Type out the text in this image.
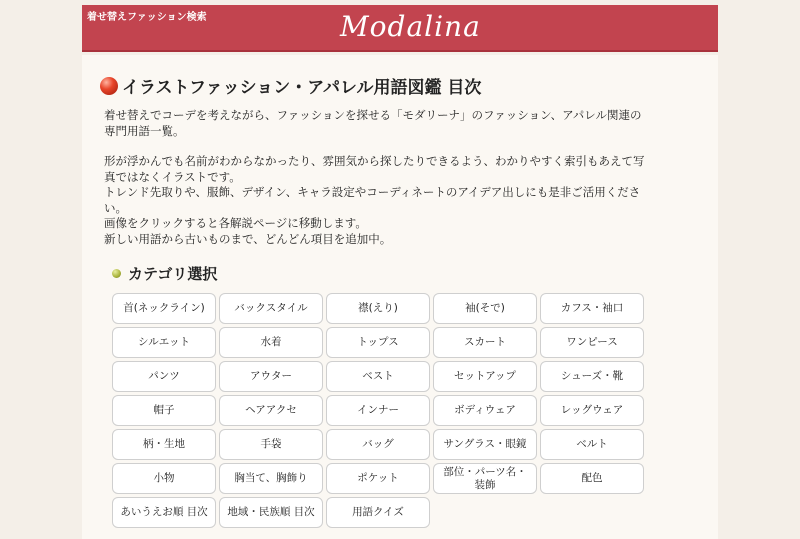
着せ替えファッション検索	Modalina
イラストファッション・アパレル用語図鑑 目次

着せ替えでコーデを考えながら、ファッションを探せる「モダリーナ」のファッション、アパレル関連の

専門用語一覧。

形が浮かんでも名前がわからなかったり、雰囲気から探したりできるよう、わかりやすく索引もあえて写

真ではなくイラストです。

トレンド先取りや、服飾、デザイン、キャラ設定やコーディネートのアイデア出しにも是非ご活用くださ

い。

画像をクリックすると各解説ページに移動します。

新しい用語から古いものまで、どんどん項目を追加中。

カテゴリ選択
首(ネックライン)	バックスタイル	襟(えり)	袖(そで)	カフス・袖口
シルエット	水着	トップス	スカート	ワンピース
パンツ	アウター	ベスト	セットアップ	シューズ・靴
帽子	ヘアアクセ	インナー	ボディウェア	レッグウェア
柄・生地	手袋	バッグ	サングラス・眼鏡	ベルト
小物	胸当て、胸飾り	ポケット
部位・パーツ名・装飾
配色
あいうえお順 目次	地域・民族順 目次	用語クイズ
